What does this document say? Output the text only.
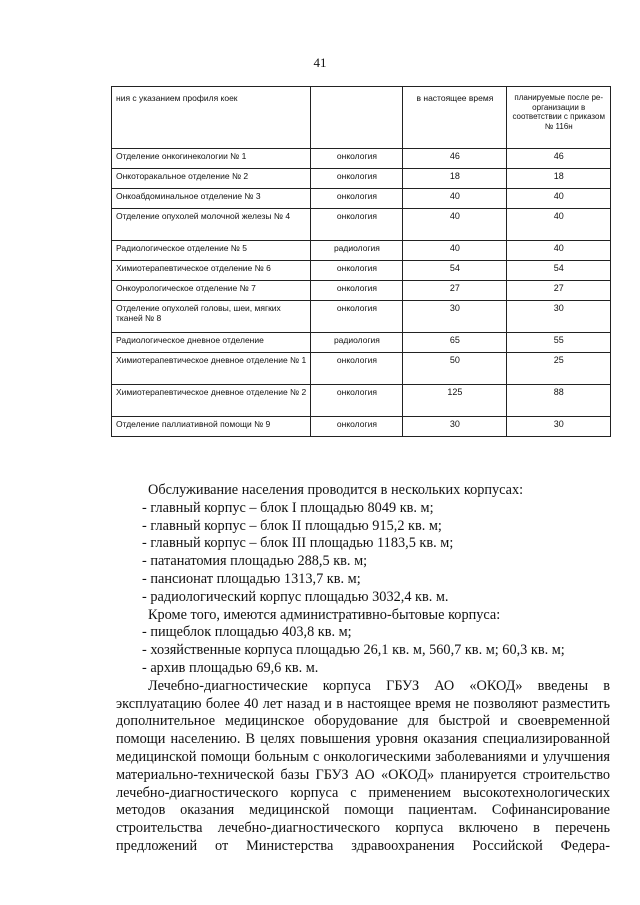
41
ния с указанием профиля коек		в настоящее время	планируемые после ре-организации в соответствии с приказом № 116н
Отделение онкогинекологии № 1	онкология	46	46
Онкоторакальное отделение № 2	онкология	18	18
Онкоабдоминальное отделение № 3	онкология	40	40
Отделение опухолей молочной железы № 4	онкология	40	40
Радиологическое отделение № 5	радиология	40	40
Химиотерапевтическое отделение № 6	онкология	54	54
Онкоурологическое отделение № 7	онкология	27	27
Отделение опухолей головы, шеи, мягких тканей № 8	онкология	30	30
Радиологическое дневное отделение	радиология	65	55
Химиотерапевтическое дневное отделение № 1	онкология	50	25
Химиотерапевтическое дневное отделение № 2	онкология	125	88
Отделение паллиативной помощи № 9	онкология	30	30

Обслуживание населения проводится в нескольких корпусах:

- главный корпус – блок I площадью 8049 кв. м;

- главный корпус – блок II площадью 915,2 кв. м;

- главный корпус – блок III площадью 1183,5 кв. м;

- патанатомия площадью 288,5 кв. м;

- пансионат площадью 1313,7 кв. м;

- радиологический корпус площадью 3032,4 кв. м.

Кроме того, имеются административно-бытовые корпуса:

- пищеблок площадью 403,8 кв. м;

- хозяйственные корпуса площадью 26,1 кв. м, 560,7 кв. м; 60,3 кв. м;

- архив площадью 69,6 кв. м.

Лечебно-диагностические корпуса ГБУЗ АО «ОКОД» введены в эксплуатацию более 40 лет назад и в настоящее время не позволяют разместить дополнительное медицинское оборудование для быстрой и своевременной помощи населению. В целях повышения уровня оказания специализированной медицинской помощи больным с онкологическими заболеваниями и улучшения материально-технической базы ГБУЗ АО «ОКОД» планируется строительство лечебно-диагностического корпуса с применением высокотехнологических методов оказания медицинской помощи пациентам. Софинансирование строительства лечебно-диагностического корпуса включено в перечень предложений от Министерства здравоохранения Российской Федера-
